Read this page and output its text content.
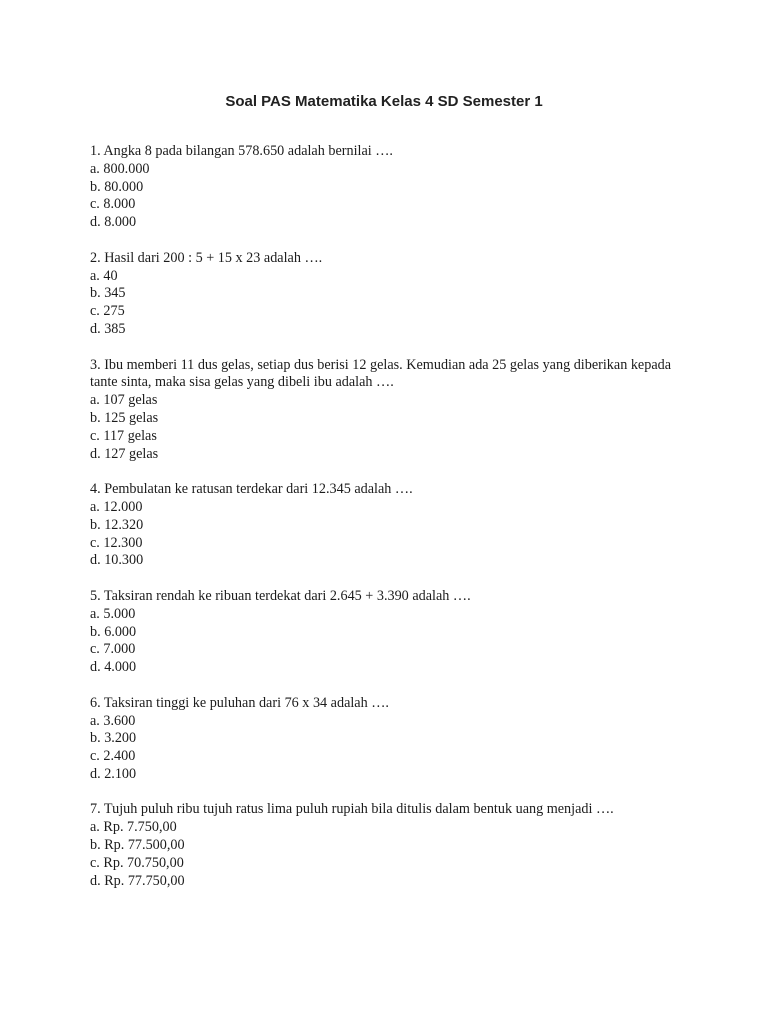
Soal PAS Matematika Kelas 4 SD Semester 1
1. Angka 8 pada bilangan 578.650 adalah bernilai ….
a. 800.000
b. 80.000
c. 8.000
d. 8.000
2. Hasil dari 200 : 5 + 15 x 23 adalah ….
a. 40
b. 345
c. 275
d. 385
3. Ibu memberi 11 dus gelas, setiap dus berisi 12 gelas. Kemudian ada 25 gelas yang diberikan kepada tante sinta, maka sisa gelas yang dibeli ibu adalah ….
a. 107 gelas
b. 125 gelas
c. 117 gelas
d. 127 gelas
4. Pembulatan ke ratusan terdekar dari 12.345 adalah ….
a. 12.000
b. 12.320
c. 12.300
d. 10.300
5. Taksiran rendah ke ribuan terdekat dari 2.645 + 3.390 adalah ….
a. 5.000
b. 6.000
c. 7.000
d. 4.000
6. Taksiran tinggi ke puluhan dari 76 x 34 adalah ….
a. 3.600
b. 3.200
c. 2.400
d. 2.100
7. Tujuh puluh ribu tujuh ratus lima puluh rupiah bila ditulis dalam bentuk uang menjadi ….
a. Rp. 7.750,00
b. Rp. 77.500,00
c. Rp. 70.750,00
d. Rp. 77.750,00
